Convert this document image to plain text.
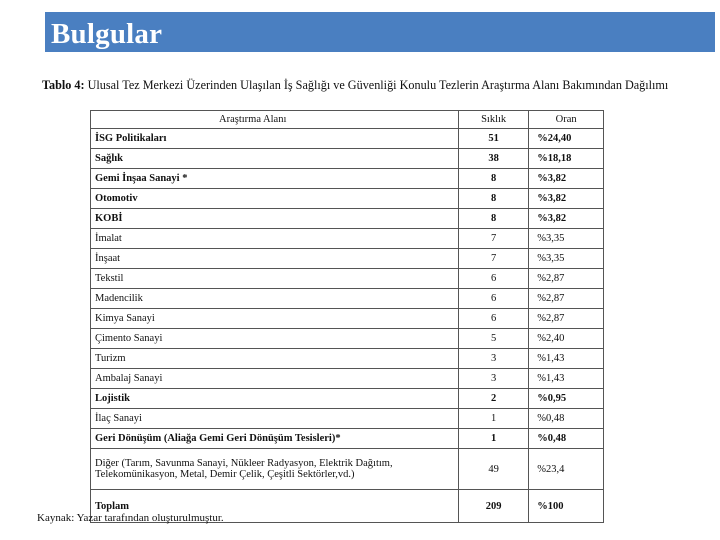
Bulgular
Tablo 4: Ulusal Tez Merkezi Üzerinden Ulaşılan İş Sağlığı ve Güvenliği Konulu Tezlerin Araştırma Alanı Bakımından Dağılımı
Araştırma Alanı	Sıklık	Oran
İSG Politikaları	51	%24,40
Sağlık	38	%18,18
Gemi İnşaa Sanayi *	8	%3,82
Otomotiv	8	%3,82
KOBİ	8	%3,82
İmalat	7	%3,35
İnşaat	7	%3,35
Tekstil	6	%2,87
Madencilik	6	%2,87
Kimya Sanayi	6	%2,87
Çimento Sanayi	5	%2,40
Turizm	3	%1,43
Ambalaj Sanayi	3	%1,43
Lojistik	2	%0,95
İlaç Sanayi	1	%0,48
Geri Dönüşüm (Aliağa Gemi Geri Dönüşüm Tesisleri)*	1	%0,48
Diğer (Tarım, Savunma Sanayi, Nükleer Radyasyon, Elektrik Dağıtım, Telekomünikasyon, Metal, Demir Çelik, Çeşitli Sektörler,vd.)	49	%23,4
Toplam	209	%100
Kaynak: Yazar tarafından oluşturulmuştur.
